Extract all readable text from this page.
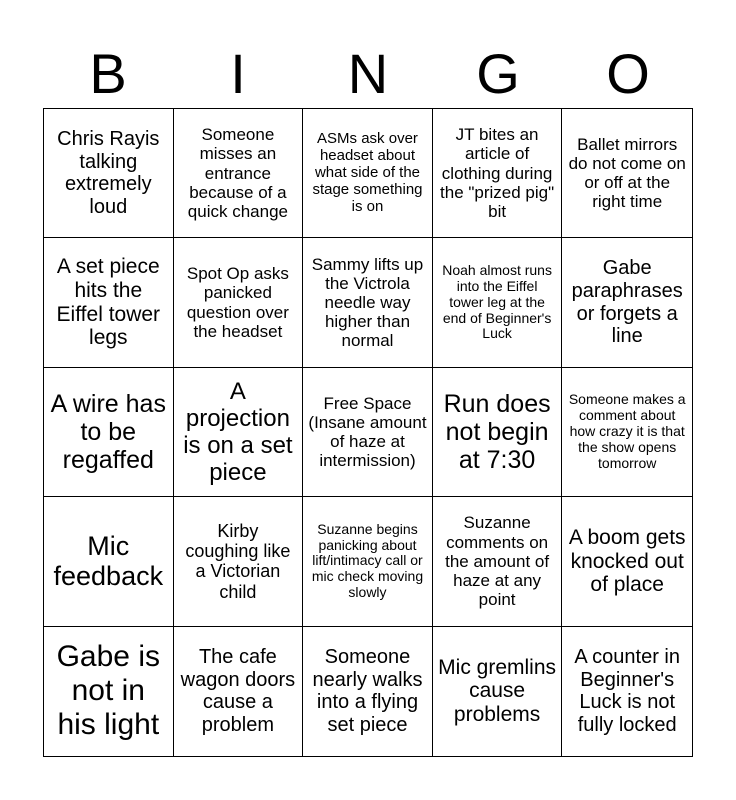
B	I	N	G	O
Chris Rayis talking extremely loud
Someone misses an entrance because of a quick change
ASMs ask over headset about what side of the stage something is on
JT bites an article of clothing during the "prized pig" bit
Ballet mirrors do not come on or off at the right time
A set piece hits the Eiffel tower legs
Spot Op asks panicked question over the headset
Sammy lifts up the Victrola needle way higher than normal
Noah almost runs into the Eiffel tower leg at the end of Beginner's Luck
Gabe paraphrases or forgets a line
A wire has to be regaffed
A projection is on a set piece
Free Space (Insane amount of haze at intermission)
Run does not begin at 7:30
Someone makes a comment about how crazy it is that the show opens tomorrow
Mic feedback
Kirby coughing like a Victorian child
Suzanne begins panicking about lift/intimacy call or mic check moving slowly
Suzanne comments on the amount of haze at any point
A boom gets knocked out of place
Gabe is not in his light
The cafe wagon doors cause a problem
Someone nearly walks into a flying set piece
Mic gremlins cause problems
A counter in Beginner's Luck is not fully locked
